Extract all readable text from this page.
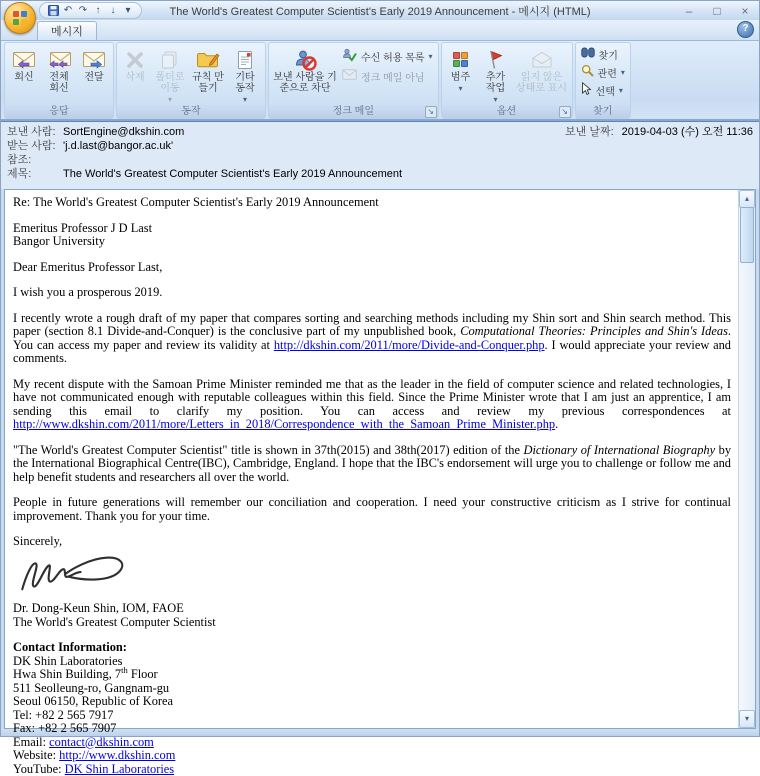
↶ ↷ ↑	↓ ▾	The World's Greatest Computer Scientist's Early 2019 Announcement - 메시지 (HTML)	–	□	×
메시지	?
회신	전체 회신
전달
응답
삭제 폴더로 이동
▾
규칙 만들기
기타 동작
▾
동작
보낸 사람을 기준으로 차단
수신 허용 목록 ▾
정크 메일 아님
정크 메일	↘
범주
▾
추가 작업
▾
읽지 않은 상태로 표시
옵션	↘
찾기
관련 ▾
선택 ▾
찾기
보낸 사람: SortEngine@dkshin.com	보낸 날짜: 2019-04-03 (수) 오전 11:36
받는 사람: 'j.d.last@bangor.ac.uk'
참조:
제목:	The World's Greatest Computer Scientist's Early 2019 Announcement

Re: The World's Greatest Computer Scientist's Early 2019 Announcement

Emeritus Professor J D Last
Bangor University

Dear Emeritus Professor Last,

I wish you a prosperous 2019.

I recently wrote a rough draft of my paper that compares sorting and searching methods including my Shin sort and Shin search method. This paper (section 8.1 Divide-and-Conquer) is the conclusive part of my unpublished book, Computational Theories: Principles and Shin's Ideas. You can access my paper and review its validity at http://dkshin.com/2011/more/Divide-and-Conquer.php. I would appreciate your review and comments.

My recent dispute with the Samoan Prime Minister reminded me that as the leader in the field of computer science and related technologies, I have not communicated enough with reputable colleagues within this field. Since the Prime Minister wrote that I am just an apprentice, I am sending this email to clarify my position. You can access and review my previous correspondences at http://www.dkshin.com/2011/more/Letters_in_2018/Correspondence_with_the_Samoan_Prime_Minister.php.

"The World's Greatest Computer Scientist" title is shown in 37th(2015) and 38th(2017) edition of the Dictionary of International Biography by the International Biographical Centre(IBC), Cambridge, England. I hope that the IBC's endorsement will urge you to challenge or follow me and help benefit students and researchers all over the world.

People in future generations will remember our conciliation and cooperation. I need your constructive criticism as I strive for continual improvement. Thank you for your time.

Sincerely,

Dr. Dong-Keun Shin, IOM, FAOE
The World's Greatest Computer Scientist

Contact Information:
DK Shin Laboratories
Hwa Shin Building, 7th Floor
511 Seolleung-ro, Gangnam-gu
Seoul 06150, Republic of Korea
Tel: +82 2 565 7917
Fax: +82 2 565 7907
Email: contact@dkshin.com
Website: http://www.dkshin.com
YouTube: DK Shin Laboratories
▴
▾
